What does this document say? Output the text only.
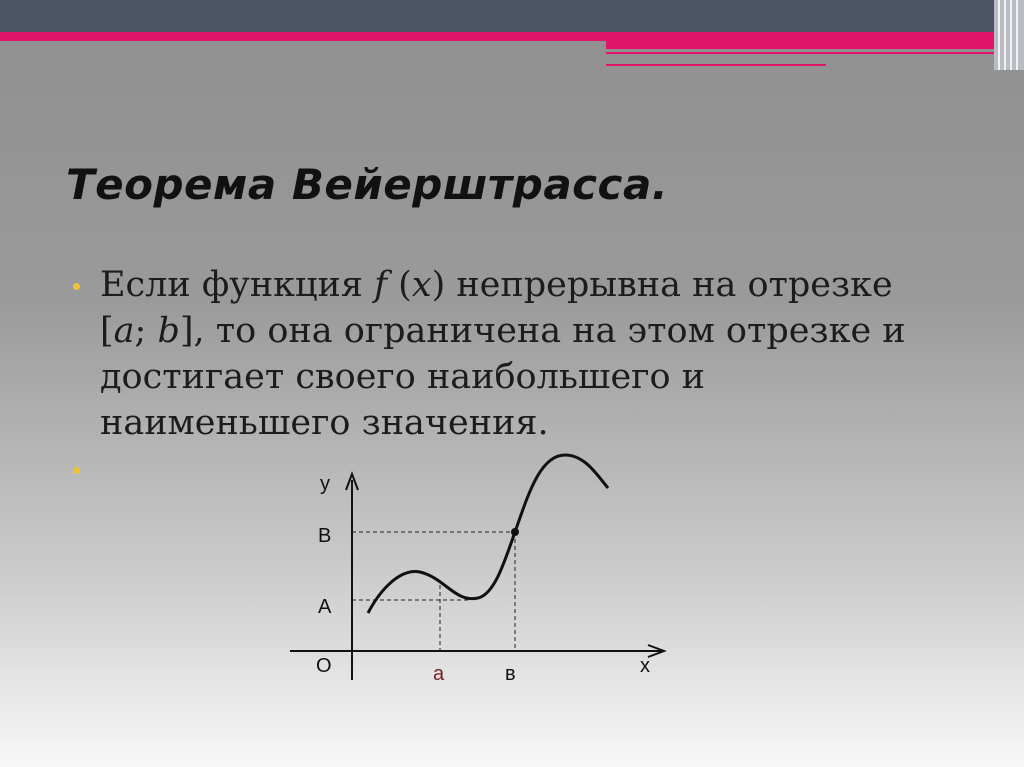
Теорема Вейерштрасса.
Если функция f (x) непрерывна на отрезке
[a; b], то она ограничена на этом отрезке и
достигает своего наибольшего и
наименьшего значения.
у
В
А
О	а	в	х
